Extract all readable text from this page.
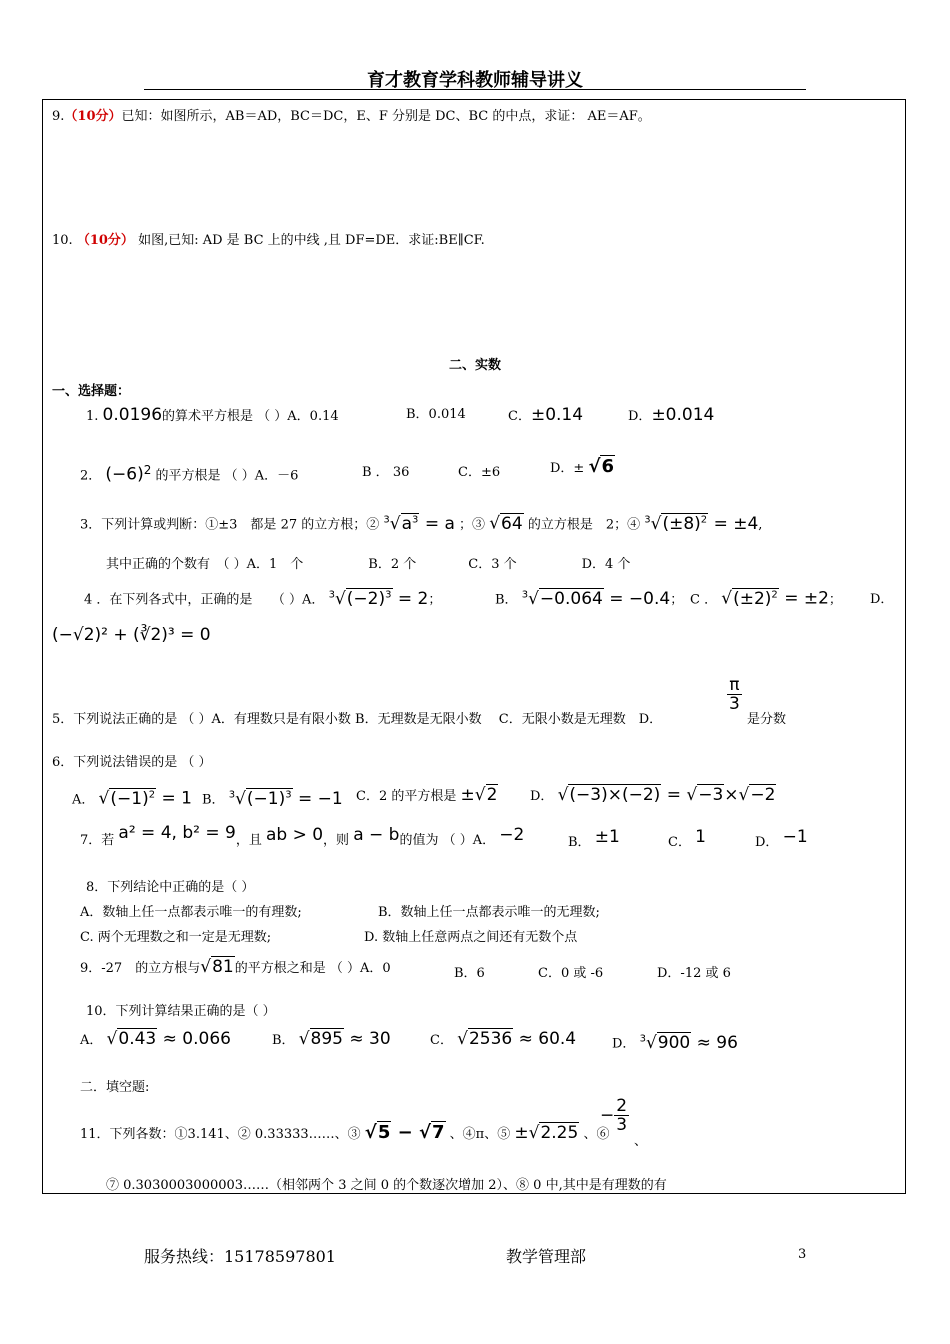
育才教育学科教师辅导讲义
9.（10分）已知：如图所示，AB＝AD，BC＝DC，E、F 分别是 DC、BC 的中点，求证： AE＝AF。
10. （10分） 如图,已知: AD 是 BC 上的中线 ,且 DF=DE．求证:BE∥CF.
二、实数
一、选择题：
1. 0.0196的算术平方根是 （ ）A．0.14	B．0.014	C．±0.14	D．±0.014
2． $(-6)^2$ 的平方根是 （ ）A．－6	B ． 36	C．±6	D．± √6
3．下列计算或判断：①±3　都是 27 的立方根；② $^3√a^3 = a$ ；③ √64 的立方根是　2；④ $^3√(\pm 8)^2 = \pm 4$,
其中正确的个数有　（ ）A．1　个　　　　　B．2 个　　　　C．3 个　　　　　D．4 个
4 ．在下列各式中，正确的是　　（ ）A． $^3√(-2)^3 = 2$；	B． $^3$√−0.064 = −0.4； C ． $√(\pm 2)^2 = \pm 2$； D．
(−√2)² + (∛2)³ = 0
5．下列说法正确的是 （ ）A．有理数只是有限小数 B．无理数是无限小数　 C．无限小数是无理数　D．
$\frac{\pi}{3}$
是分数
6．下列说法错误的是 （ ）
A． $√(-1)^2 = 1$ B． $^3√(-1)^3 = -1$ C．2 的平方根是 ±√2	D． √(−3)×(−2) = √−3×√−2
7．若 a² = 4, b² = 9，且 ab > 0，则 a − b的值为 （ ）A． −2	B． ±1	C． 1	D． −1
8．下列结论中正确的是（ ）
A．数轴上任一点都表示唯一的有理数;	B．数轴上任一点都表示唯一的无理数;
C. 两个无理数之和一定是无理数;	D. 数轴上任意两点之间还有无数个点
9．-27　的立方根与√81的平方根之和是 （ ）A．0	B．6	C．0 或 -6	D．-12 或 6
10．下列计算结果正确的是（ ）
A． √0.43 ≈ 0.066	B． √895 ≈ 30	C． √2536 ≈ 60.4	D． $^3$√900 ≈ 96
二．填空题:
11．下列各数：①3.141、② 0.33333……、③ √5 − √7 、④π、⑤ ±√2.25 、⑥
− $\frac{2}{3}$
、
⑦ 0.3030003000003……（相邻两个 3 之间 0 的个数逐次增加 2）、⑧ 0 中,其中是有理数的有
服务热线：15178597801	教学管理部	3
